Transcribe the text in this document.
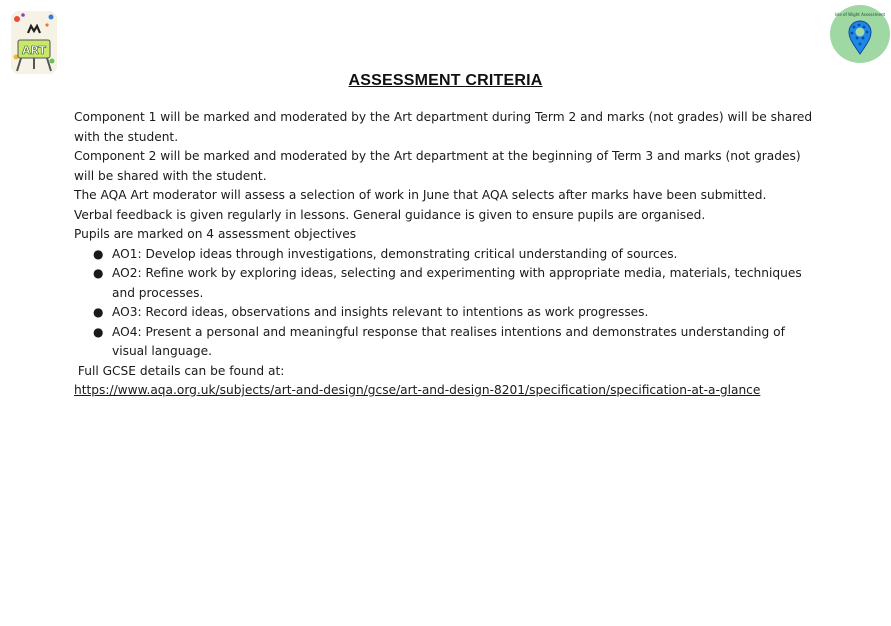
ART
Isle of Wight Assessment
ASSESSMENT CRITERIA

Component 1 will be marked and moderated by the Art department during Term 2 and marks (not grades) will be shared with the student.

Component 2 will be marked and moderated by the Art department at the beginning of Term 3 and marks (not grades) will be shared with the student.

The AQA Art moderator will assess a selection of work in June that AQA selects after marks have been submitted.

Verbal feedback is given regularly in lessons. General guidance is given to ensure pupils are organised.

Pupils are marked on 4 assessment objectives

● AO1: Develop ideas through investigations, demonstrating critical understanding of sources.
● AO2: Refine work by exploring ideas, selecting and experimenting with appropriate media, materials, techniques and processes.
● AO3: Record ideas, observations and insights relevant to intentions as work progresses.
● AO4: Present a personal and meaningful response that realises intentions and demonstrates understanding of visual language.

Full GCSE details can be found at:

https://www.aqa.org.uk/subjects/art-and-design/gcse/art-and-design-8201/specification/specification-at-a-glance
